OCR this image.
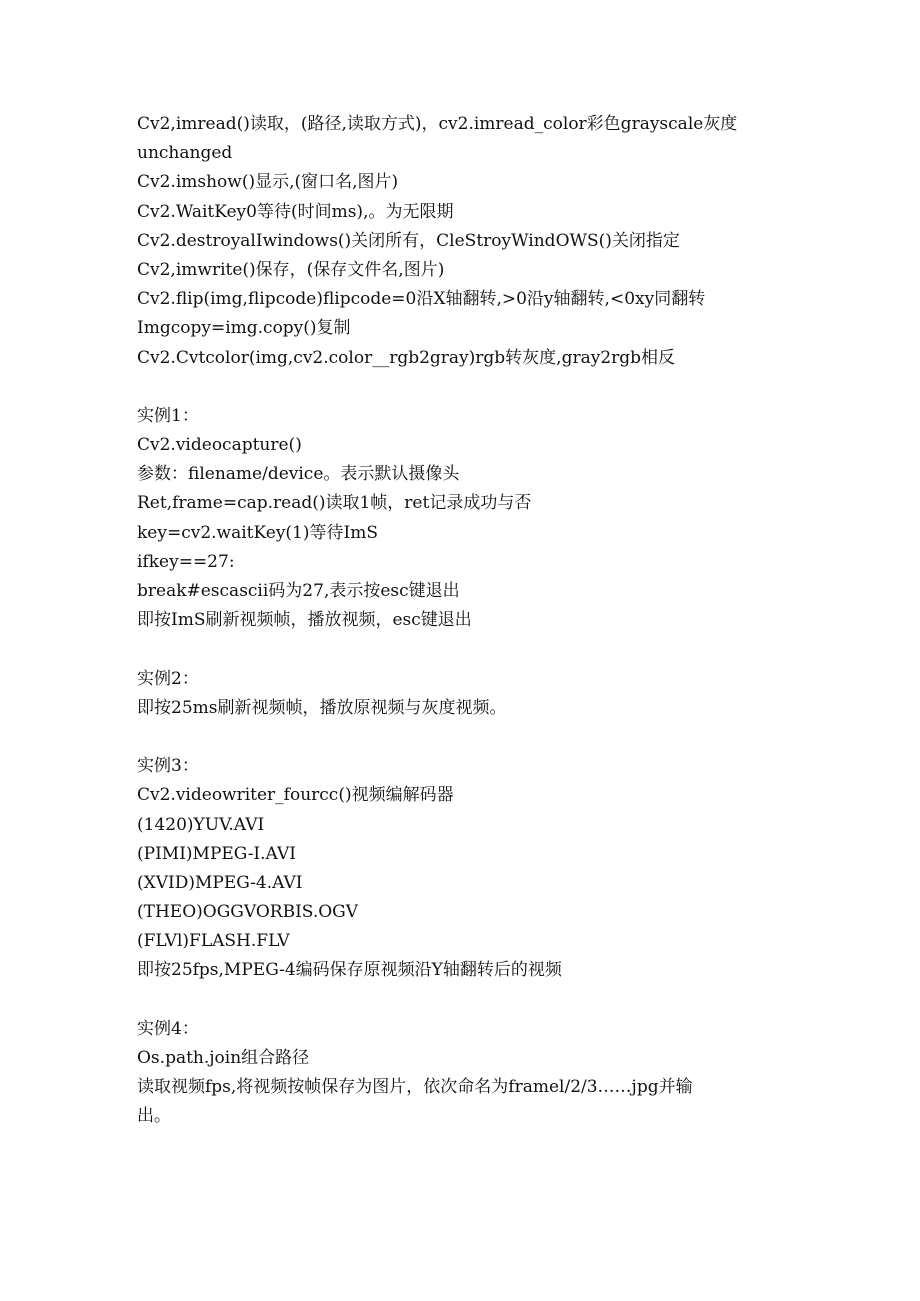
Cv2,imread()读取，(路径,读取方式)，cv2.imread_color彩色grayscale灰度
unchanged
Cv2.imshow()显示,(窗口名,图片)
Cv2.WaitKey0等待(时间ms),。为无限期
Cv2.destroyalIwindows()关闭所有，CleStroyWindOWS()关闭指定
Cv2,imwrite()保存，(保存文件名,图片)
Cv2.flip(img,flipcode)flipcode=0沿X轴翻转,>0沿y轴翻转,<0xy同翻转
Imgcopy=img.copy()复制
Cv2.Cvtcolor(img,cv2.color__rgb2gray)rgb转灰度,gray2rgb相反
实例1：
Cv2.videocapture()
参数：filename/device。表示默认摄像头
Ret,frame=cap.read()读取1帧，ret记录成功与否
key=cv2.waitKey(1)等待ImS
ifkey==27:
break#escascii码为27,表示按esc键退出
即按ImS刷新视频帧，播放视频，esc键退出
实例2：
即按25ms刷新视频帧，播放原视频与灰度视频。
实例3：
Cv2.videowriter_fourcc()视频编解码器
(1420)YUV.AVI
(PIMI)MPEG-I.AVI
(XVID)MPEG-4.AVI
(THEO)OGGVORBIS.OGV
(FLVl)FLASH.FLV
即按25fps,MPEG-4编码保存原视频沿Y轴翻转后的视频
实例4：
Os.path.join组合路径
读取视频fps,将视频按帧保存为图片，依次命名为framel/2/3……jpg并输
出。
